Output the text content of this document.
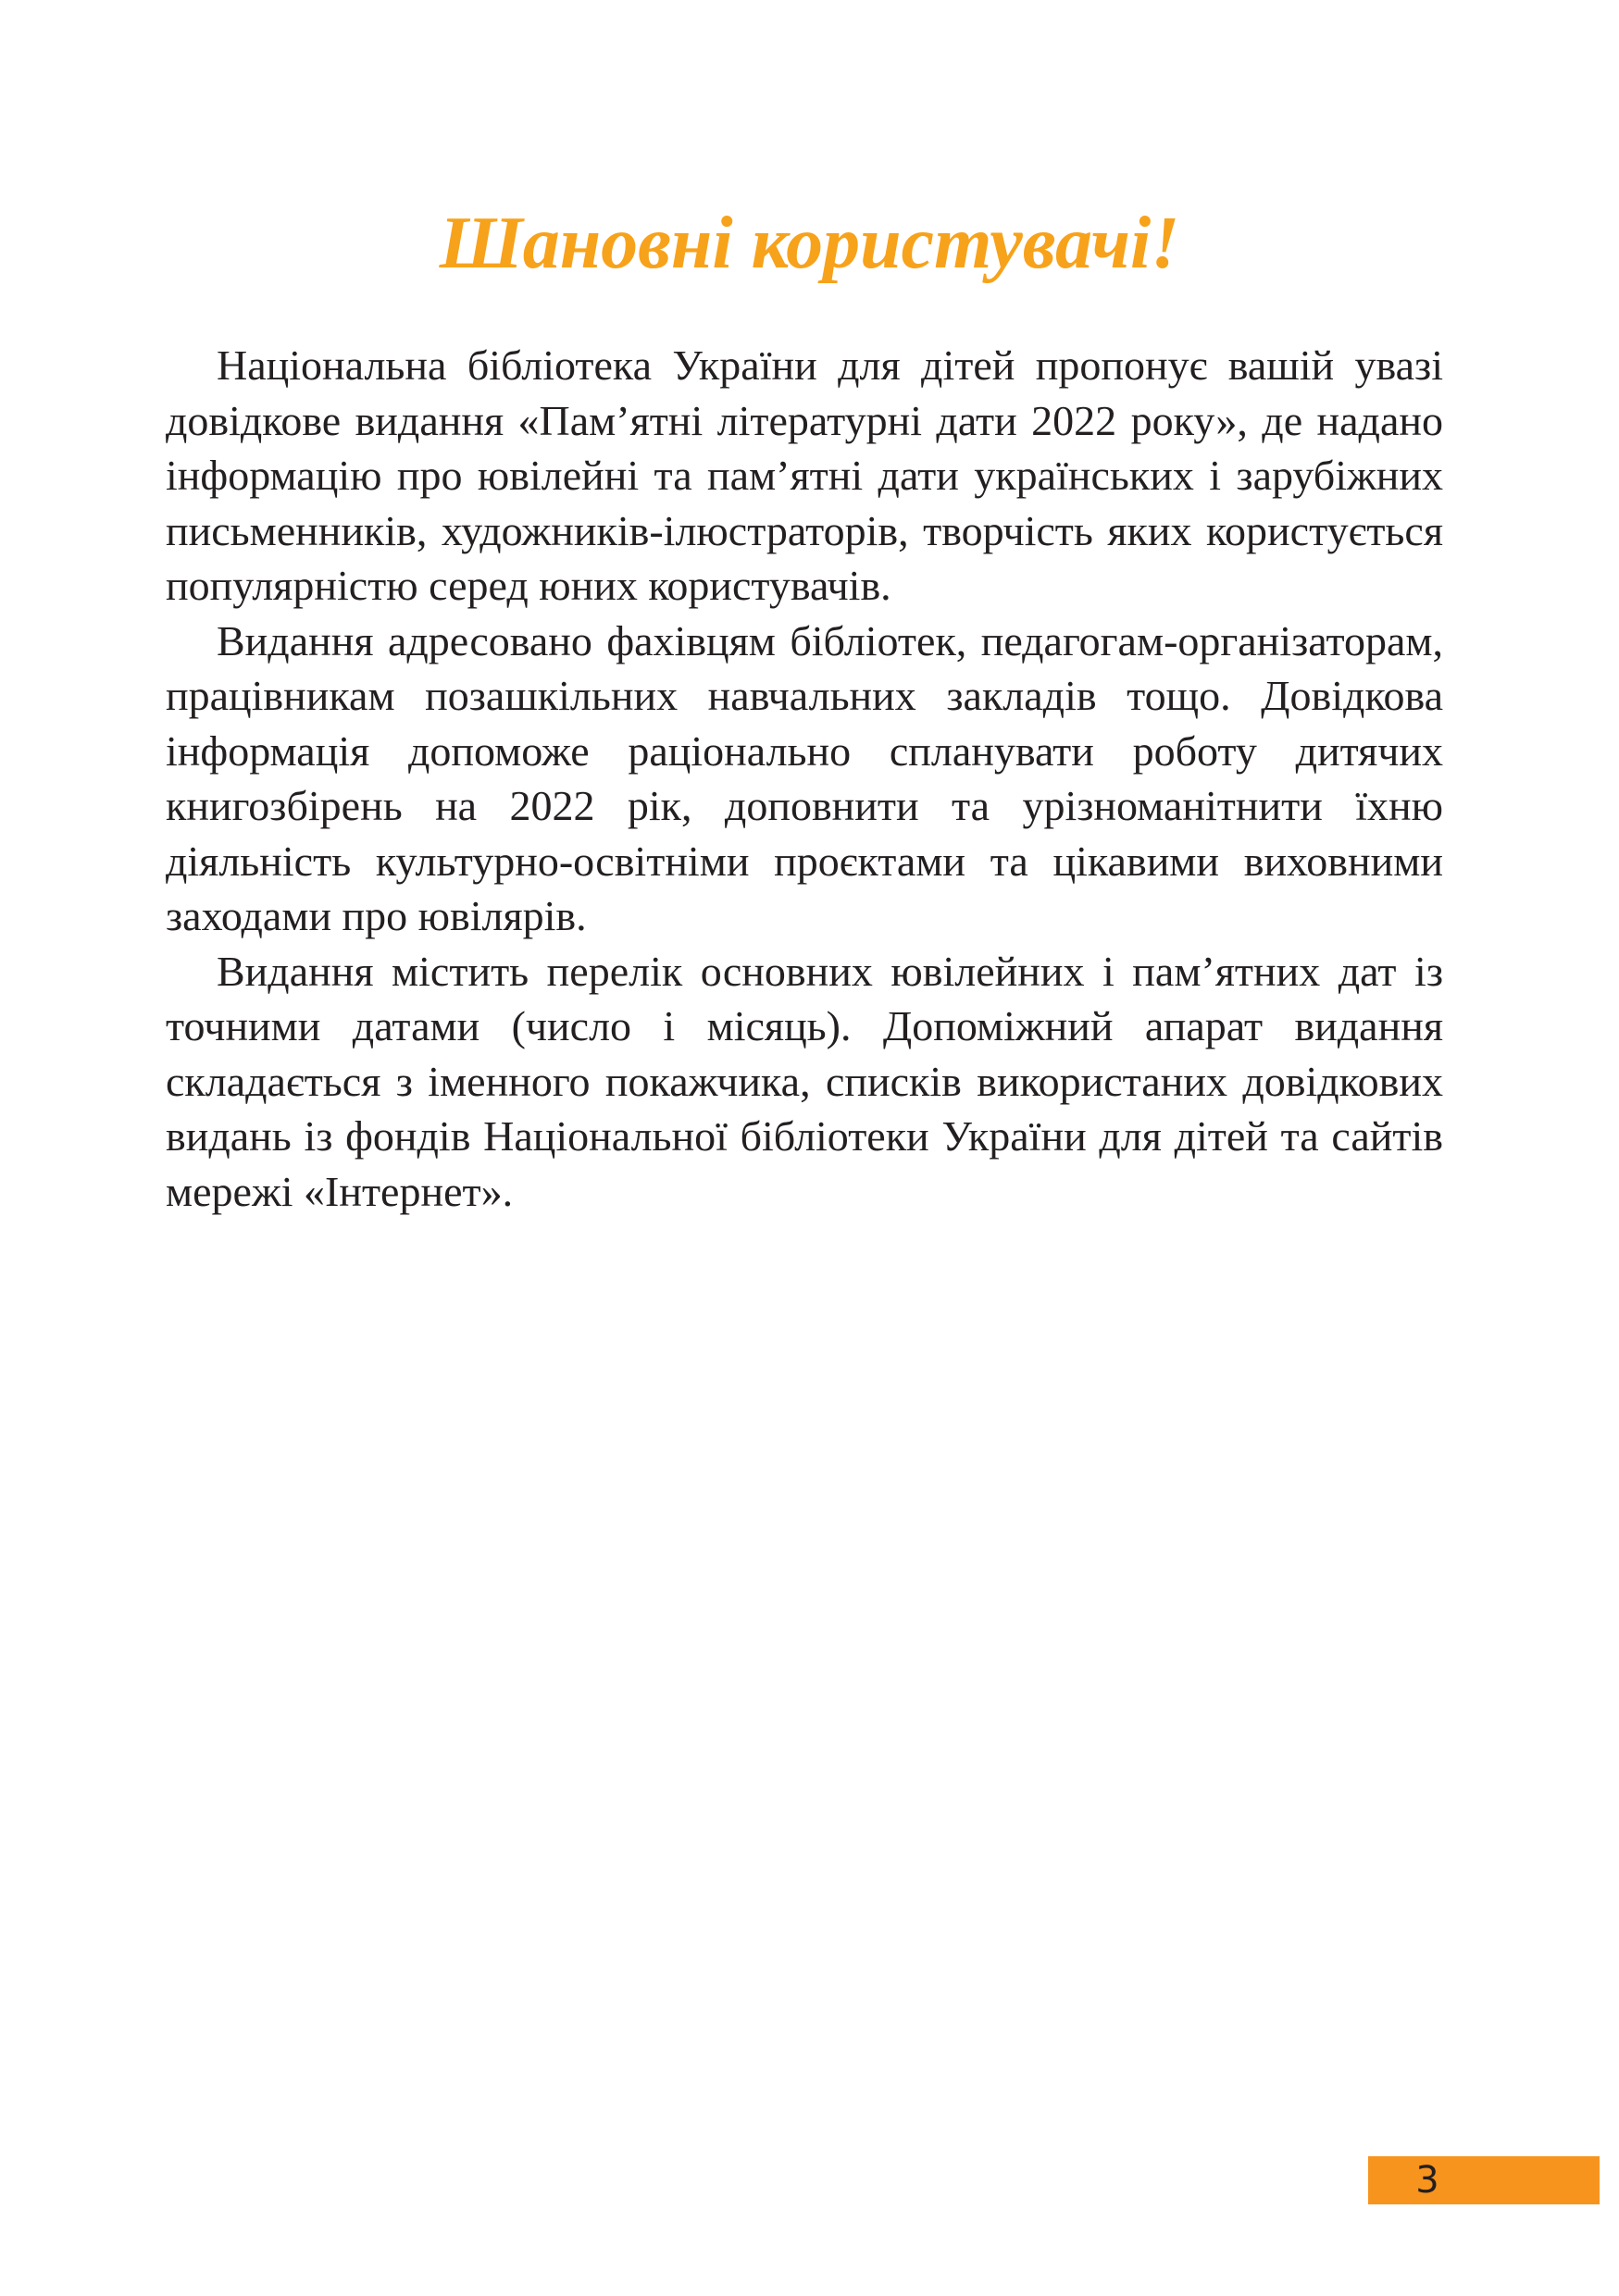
Шановні користувачі!

Національна бібліотека України для дітей пропонує вашій увазі довідкове видання «Пам’ятні літературні дати 2022 року», де надано інформацію про ювілейні та пам’ятні дати українських і зарубіжних письменників, художників-ілюстраторів, творчість яких користується популярністю серед юних користувачів.

Видання адресовано фахівцям бібліотек, педагогам-організаторам, працівникам позашкільних навчальних закладів тощо. Довідкова інформація допоможе раціонально спланувати роботу дитячих книгозбірень на 2022 рік, доповнити та урізноманітнити їхню діяльність культурно-освітніми проєктами та цікавими виховними заходами про ювілярів.

Видання містить перелік основних ювілейних і пам’ятних дат із точними датами (число і місяць). Допоміжний апарат видання складається з іменного покажчика, списків використаних довідкових видань із фондів Національної бібліотеки України для дітей та сайтів мережі «Інтернет».

3
